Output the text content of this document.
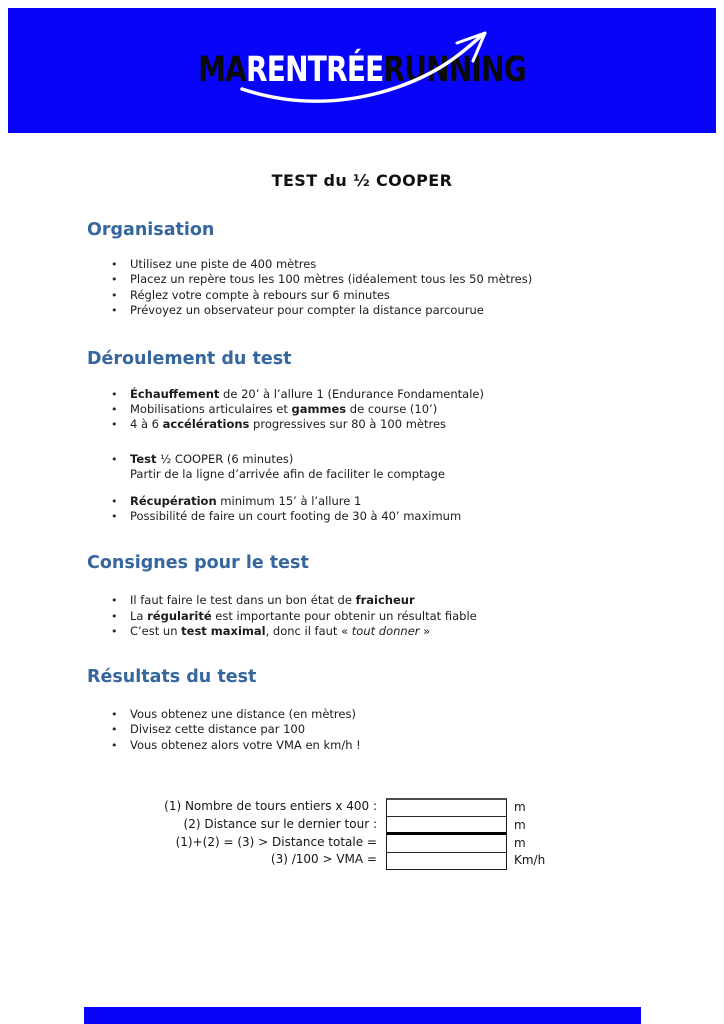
MARENTRÉERUNNING
TEST du ½ COOPER
Organisation
• Utilisez une piste de 400 mètres
• Placez un repère tous les 100 mètres (idéalement tous les 50 mètres)
• Réglez votre compte à rebours sur 6 minutes
• Prévoyez un observateur pour compter la distance parcourue
Déroulement du test
• Échauffement de 20’ à l’allure 1 (Endurance Fondamentale)
• Mobilisations articulaires et gammes de course (10’)
• 4 à 6 accélérations progressives sur 80 à 100 mètres
• Test ½ COOPER (6 minutes)
Partir de la ligne d’arrivée afin de faciliter le comptage
• Récupération minimum 15’ à l’allure 1
• Possibilité de faire un court footing de 30 à 40’ maximum
Consignes pour le test
• Il faut faire le test dans un bon état de fraicheur
• La régularité est importante pour obtenir un résultat fiable
• C’est un test maximal, donc il faut « tout donner »
Résultats du test
• Vous obtenez une distance (en mètres)
• Divisez cette distance par 100
• Vous obtenez alors votre VMA en km/h !
(1) Nombre de tours entiers x 400 :
(2) Distance sur le dernier tour :
(1)+(2) = (3) > Distance totale =
(3) /100 > VMA =
m
m
m
Km/h
